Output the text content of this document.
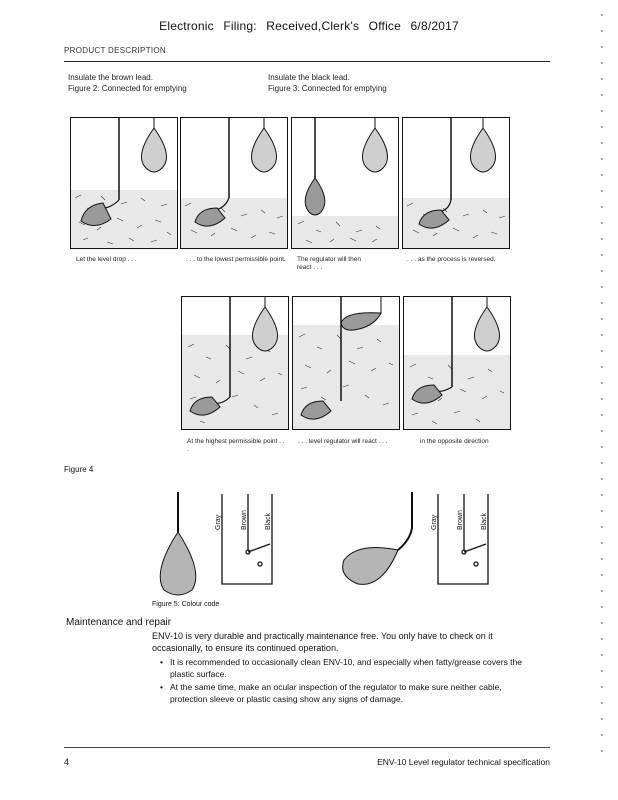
Electronic Filing: Received,Clerk's Office 6/8/2017
PRODUCT DESCRIPTION
Insulate the brown lead.
Figure 2: Connected for emptying
Insulate the black lead.
Figure 3: Connected for emptying
Let the level drop . . .	. . . to the lowest permissible point. The regulator will then react . . .
. . . as the process is reversed.
At the highest permissible point . . .
. . . level regulator will react . . .	in the opposite direction
Figure 4
Gray	Brown Black	Gray	Brown Black
Figure 5: Colour code
Maintenance and repair
ENV-10 is very durable and practically maintenance free. You only have to check on it occasionally, to ensure its continued operation.
• It is recommended to occasionally clean ENV-10, and especially when fatty/grease covers the plastic surface.
• At the same time, make an ocular inspection of the regulator to make sure neither cable, protection sleeve or plastic casing show any signs of damage.
4	ENV-10 Level regulator technical specification
